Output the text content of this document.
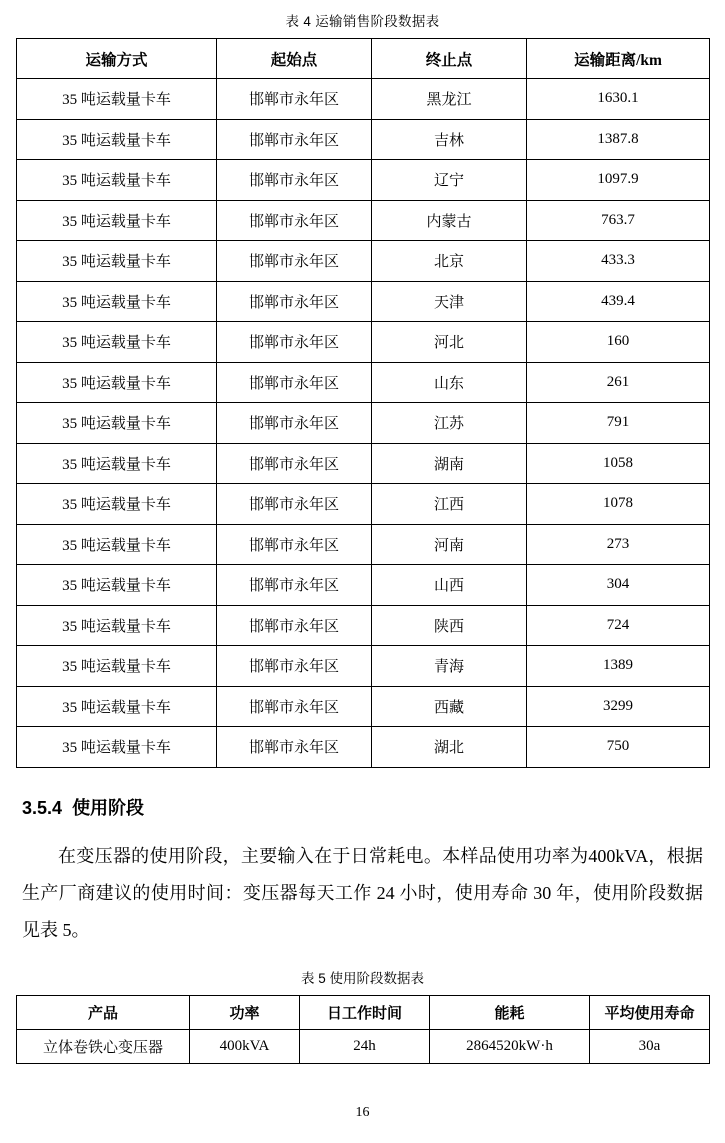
表 4 运输销售阶段数据表
运输方式	起始点	终止点	运输距离/km
35 吨运载量卡车	邯郸市永年区	黑龙江	1630.1
35 吨运载量卡车	邯郸市永年区	吉林	1387.8
35 吨运载量卡车	邯郸市永年区	辽宁	1097.9
35 吨运载量卡车	邯郸市永年区	内蒙古	763.7
35 吨运载量卡车	邯郸市永年区	北京	433.3
35 吨运载量卡车	邯郸市永年区	天津	439.4
35 吨运载量卡车	邯郸市永年区	河北	160
35 吨运载量卡车	邯郸市永年区	山东	261
35 吨运载量卡车	邯郸市永年区	江苏	791
35 吨运载量卡车	邯郸市永年区	湖南	1058
35 吨运载量卡车	邯郸市永年区	江西	1078
35 吨运载量卡车	邯郸市永年区	河南	273
35 吨运载量卡车	邯郸市永年区	山西	304
35 吨运载量卡车	邯郸市永年区	陕西	724
35 吨运载量卡车	邯郸市永年区	青海	1389
35 吨运载量卡车	邯郸市永年区	西藏	3299
35 吨运载量卡车	邯郸市永年区	湖北	750
3.5.4 使用阶段

在变压器的使用阶段，主要输入在于日常耗电。本样品使用功率为400kVA，根据生产厂商建议的使用时间：变压器每天工作 24 小时，使用寿命 30 年，使用阶段数据见表 5。

表 5 使用阶段数据表
产品	功率	日工作时间	能耗	平均使用寿命
立体卷铁心变压器	400kVA	24h	2864520kW·h	30a
16
